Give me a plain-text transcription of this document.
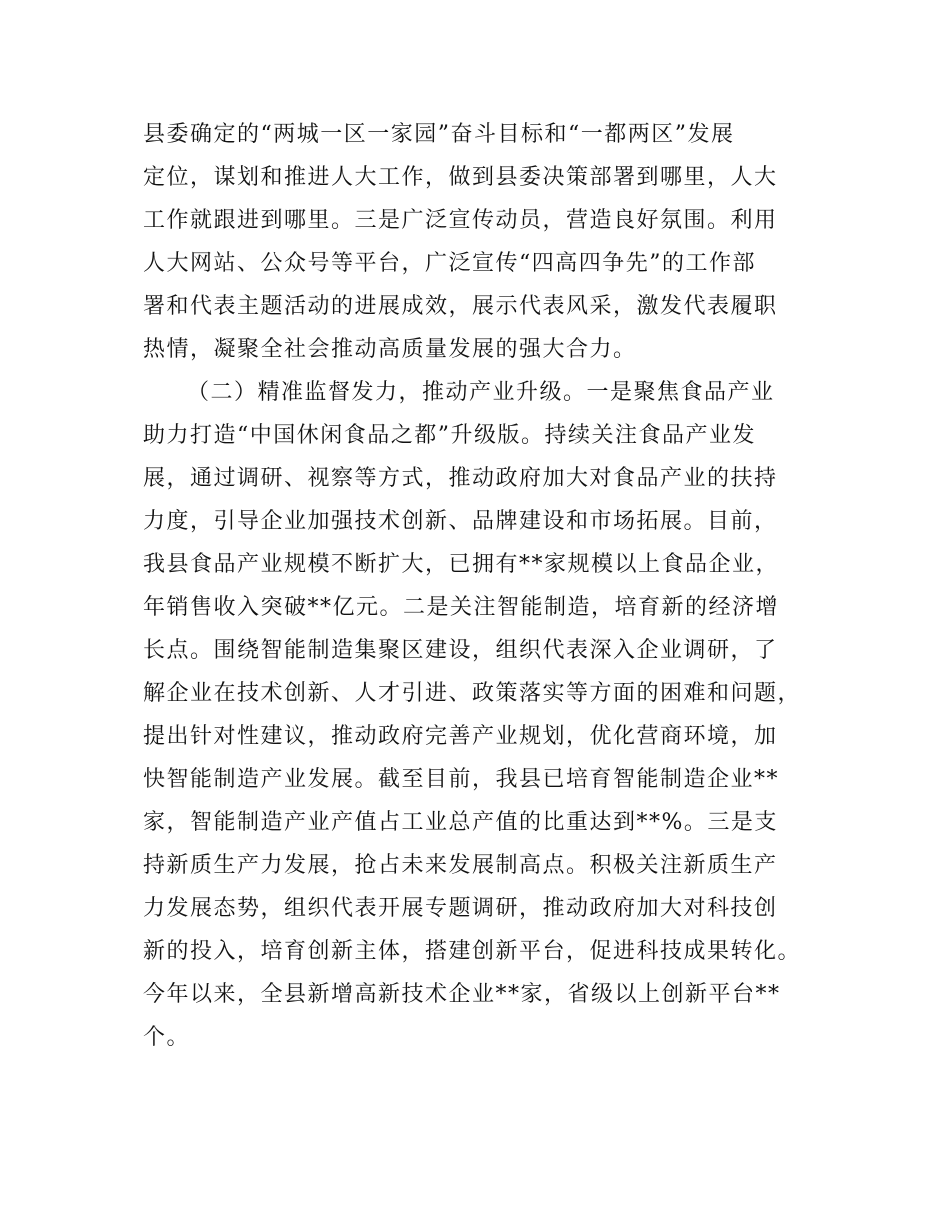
县委确定的“两城一区一家园”奋斗目标和“一都两区”发展
定位，谋划和推进人大工作，做到县委决策部署到哪里，人大
工作就跟进到哪里。三是广泛宣传动员，营造良好氛围。利用
人大网站、公众号等平台，广泛宣传“四高四争先”的工作部
署和代表主题活动的进展成效，展示代表风采，激发代表履职
热情，凝聚全社会推动高质量发展的强大合力。
（二）精准监督发力，推动产业升级。一是聚焦食品产业
助力打造“中国休闲食品之都”升级版。持续关注食品产业发
展，通过调研、视察等方式，推动政府加大对食品产业的扶持
力度，引导企业加强技术创新、品牌建设和市场拓展。目前，
我县食品产业规模不断扩大，已拥有**家规模以上食品企业，
年销售收入突破**亿元。二是关注智能制造，培育新的经济增
长点。围绕智能制造集聚区建设，组织代表深入企业调研，了
解企业在技术创新、人才引进、政策落实等方面的困难和问题，
提出针对性建议，推动政府完善产业规划，优化营商环境，加
快智能制造产业发展。截至目前，我县已培育智能制造企业**
家，智能制造产业产值占工业总产值的比重达到**%。三是支
持新质生产力发展，抢占未来发展制高点。积极关注新质生产
力发展态势，组织代表开展专题调研，推动政府加大对科技创
新的投入，培育创新主体，搭建创新平台，促进科技成果转化。
今年以来，全县新增高新技术企业**家，省级以上创新平台**
个。
